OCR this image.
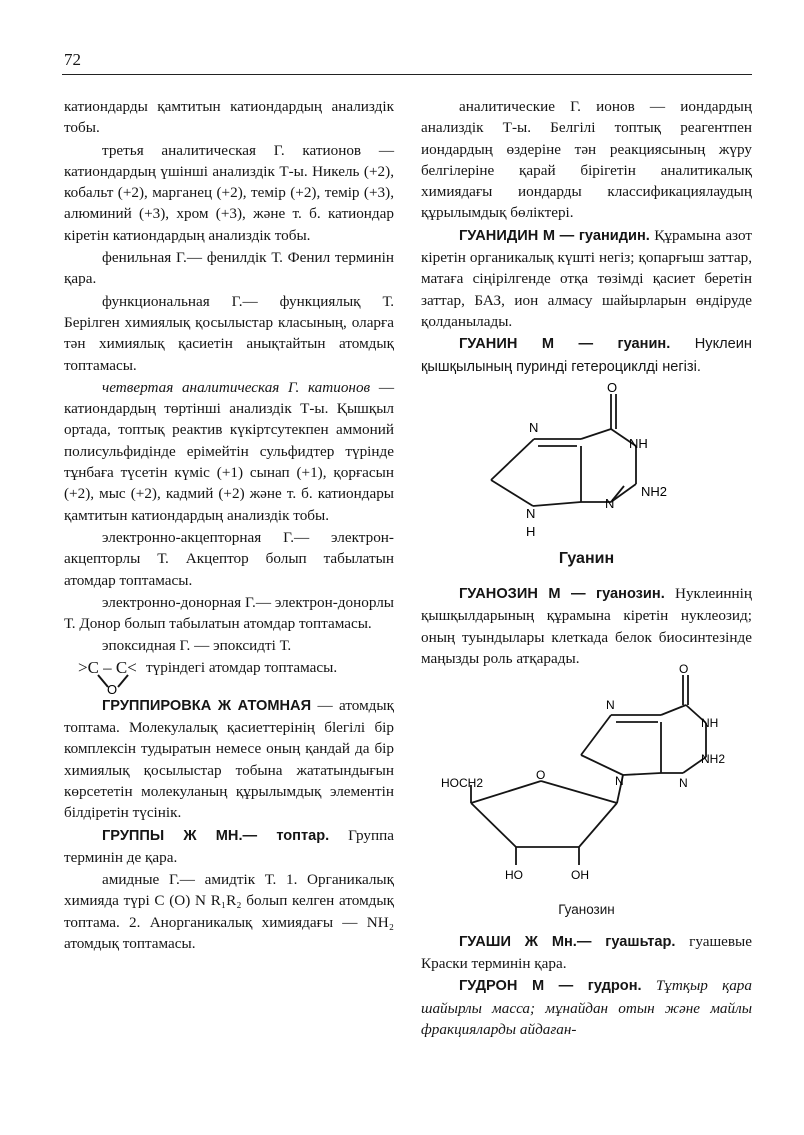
72

катиондарды қамтитын катиондардың анализдік тобы.

третья аналитическая Г. катионов — катиондардың үшінші анализдік Т-ы. Никель (+2), кобальт (+2), марганец (+2), темір (+2), темір (+3), алюминий (+3), хром (+3), және т. б. катиондар кіретін катиондардың анализдік тобы.

фенильная Г.— фенилдік Т. Фенил терминін қара.

функциональная Г.— функциялық Т. Берілген химиялық қосылыстар класының, оларға тән химиялық қасиетін анықтайтын атомдық топтамасы.

четвертая аналитическая Г. катионов — катиондардың төртінші анализдік Т-ы. Қышқыл ортада, топтық реактив күкіртсутекпен аммоний полисульфидінде ерімейтін сульфидтер түрінде тұнбаға түсетін күміс (+1) сынап (+1), қорғасын (+2), мыс (+2), кадмий (+2) және т. б. катиондары қамтитын катиондардың анализдік тобы.

электронно-акцепторная Г.— электрон-акцепторлы Т. Акцептор болып табылатын атомдар топтамасы.

электронно-донорная Г.— электрон-донорлы Т. Донор болып табылатын атомдар топтамасы.

эпоксидная Г. — эпоксидті Т.

>C – C< түріндегі атомдар топтамасы.
O

ГРУППИРОВКА Ж АТОМНАЯ — атомдық топтама. Молекулалық қасиеттерінің бlегілі бір комплексін тудыратын немесе оның қандай да бір химиялық қосылыстар тобына жататындығын көрсететін молекуланың құрылымдық элементін білдіретін түсінік.

ГРУППЫ Ж МН.— топтар. Группа терминін де қара.

амидные Г.— амидтік Т. 1. Органикалық химияда түрі C (O) N R₁R₂ болып келген атомдық топтама. 2. Анорганикалық химиядағы — NH₂ атомдық топтамасы.

аналитические Г. ионов — иондардың анализдік Т-ы. Белгілі топтық реагентпен иондардың өздеріне тән реакциясының жүру белгілеріне қарай бірігетін аналитикалық химиядағы иондарды классификациялаудың құрылымдық бөліктері.

ГУАНИДИН М — гуанидин. Құрамына азот кіретін органикалық күшті негіз; қопарғыш заттар, матаға сіңірілгенде отқа төзімді қасиет беретін заттар, БАЗ, ион алмасу шайырларын өндіруде қолданылады.

ГУАНИН М — гуанин. Нуклеин қышқылының пуринді гетероциклді негізі.

O
N
NH
NH2
N
N
H
Гуанин

ГУАНОЗИН М — гуанозин. Нуклеиннің қышқылдарының құрамына кіретін нуклеозид; оның туындылары клеткада белок биосинтезінде маңызды роль атқарады.

O
N
NH
NH2
N
N
HOCH2
O
HO	OH
Гуанозин

ГУАШИ Ж Мн.— гуашьтар. гуашевые Краски терминін қара.

ГУДРОН М — гудрон. Тұтқыр қара шайырлы масса; мұнайдан отын және майлы фракцияларды айдаған-
